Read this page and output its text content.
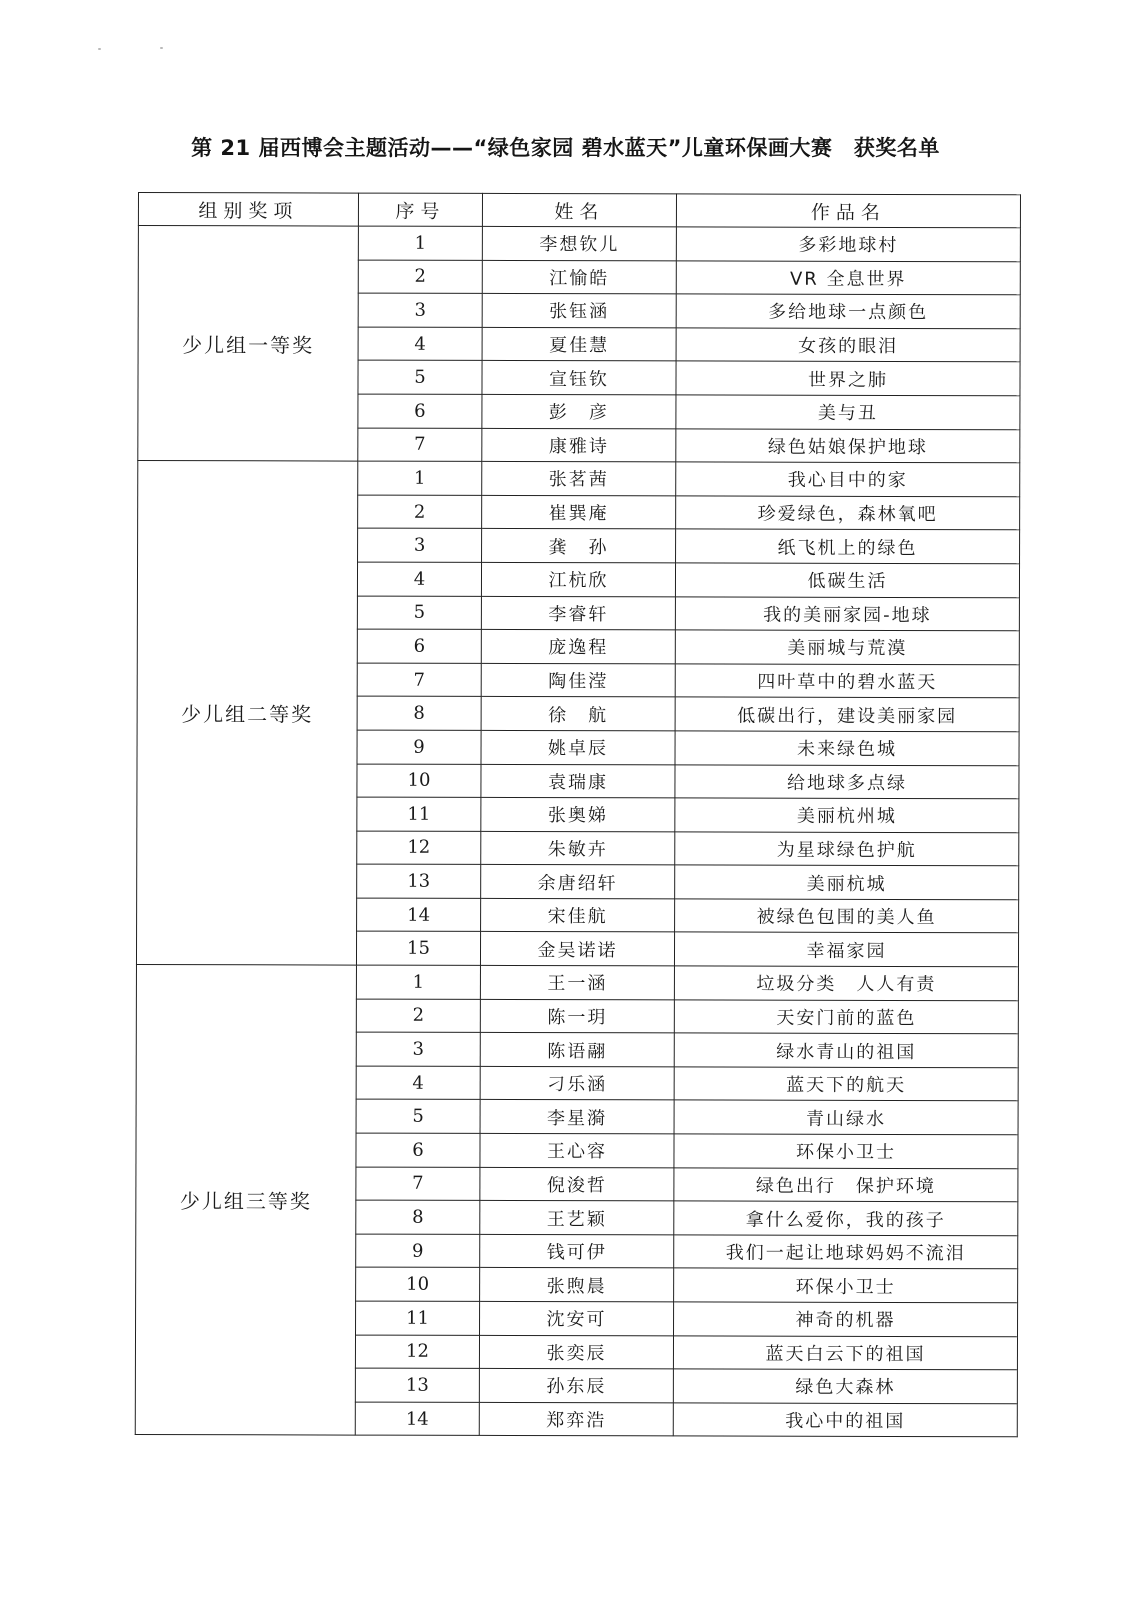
第 21 届西博会主题活动——“绿色家园 碧水蓝天”儿童环保画大赛　获奖名单
组别奖项	序号	姓名	作品名
少儿组一等奖	1	李想钦儿	多彩地球村
	2	江愉皓	VR 全息世界
	3	张钰涵	多给地球一点颜色
	4	夏佳慧	女孩的眼泪
	5	宣钰钦	世界之肺
	6	彭　彦	美与丑
	7	康雅诗	绿色姑娘保护地球
少儿组二等奖	1	张茗茜	我心目中的家
	2	崔巽庵	珍爱绿色，森林氧吧
	3	龚　孙	纸飞机上的绿色
	4	江杭欣	低碳生活
	5	李睿轩	我的美丽家园-地球
	6	庞逸程	美丽城与荒漠
	7	陶佳滢	四叶草中的碧水蓝天
	8	徐　航	低碳出行，建设美丽家园
	9	姚卓辰	未来绿色城
	10	袁瑞康	给地球多点绿
	11	张奥娣	美丽杭州城
	12	朱敏卉	为星球绿色护航
	13	余唐绍轩	美丽杭城
	14	宋佳航	被绿色包围的美人鱼
	15	金吴诺诺	幸福家园
少儿组三等奖	1	王一涵	垃圾分类　人人有责
	2	陈一玥	天安门前的蓝色
	3	陈语翮	绿水青山的祖国
	4	刁乐涵	蓝天下的航天
	5	李星漪	青山绿水
	6	王心容	环保小卫士
	7	倪浚哲	绿色出行　保护环境
	8	王艺颖	拿什么爱你，我的孩子
	9	钱可伊	我们一起让地球妈妈不流泪
	10	张煦晨	环保小卫士
	11	沈安可	神奇的机器
	12	张奕辰	蓝天白云下的祖国
	13	孙东辰	绿色大森林
	14	郑弈浩	我心中的祖国
